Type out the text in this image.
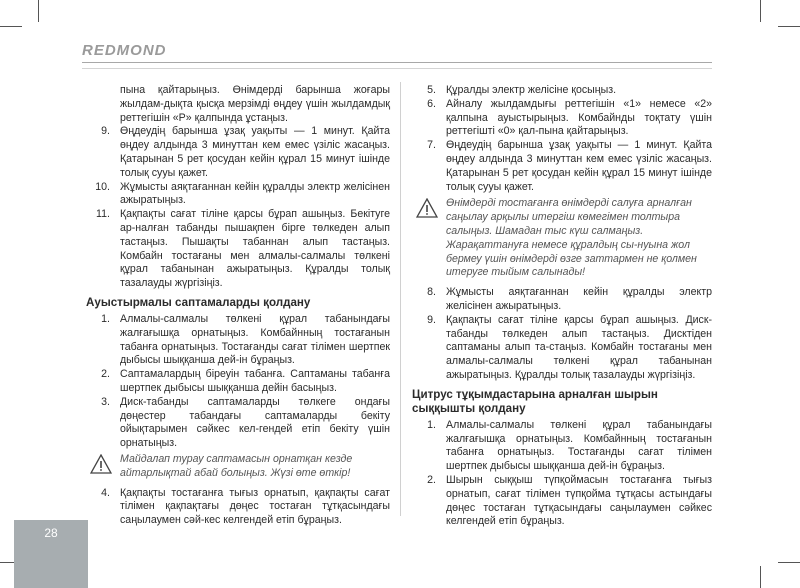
REDMOND
пына қайтарыңыз. Өнімдерді барынша жоғары жылдам-дықта қысқа мерзімді өңдеу үшін жылдамдық реттегішін «P» қалпында ұстаңыз.
9. Өңдеудің барынша ұзақ уақыты — 1 минут. Қайта өңдеу алдында 3 минуттан кем емес үзіліс жасаңыз. Қатарынан 5 рет қосудан кейін құрал 15 минут ішінде толық сууы қажет.
10. Жұмысты аяқтағаннан кейін құралды электр желісінен ажыратыңыз.
11. Қақпақты сағат тіліне қарсы бұрап ашыңыз. Бекітуге ар-налған табанды пышақпен бірге төлкеден алып тастаңыз. Пышақты табаннан алып тастаңыз. Комбайн тостағаны мен алмалы-салмалы төлкені құрал табанынан ажыратыңыз. Құралды толық тазалауды жүргізіңіз.
Ауыстырмалы саптамаларды қолдану
1. Алмалы-салмалы төлкені құрал табанындағы жалғағышқа орнатыңыз. Комбайнның тостағанын табанға орнатыңыз. Тостағанды сағат тілімен шертпек дыбысы шыққанша дей-ін бұраңыз.
2. Саптамалардың біреуін табанға. Саптаманы табанға шертпек дыбысы шыққанша дейін басыңыз.
3. Диск-табанды саптамаларды төлкеге ондағы дөңестер табандағы саптамаларды бекіту ойықтарымен сәйкес кел-гендей етіп бекіту үшін орнатыңыз.
Майдалап турау саптамасын орнатқан кезде айтарлықтай абай болыңыз. Жүзі өте өткір!
4. Қақпақты тостағанға тығыз орнатып, қақпақты сағат тілімен қақпақтағы дөңес тостаған тұтқасындағы саңылаумен сәй-кес келгендей етіп бұраңыз.
5. Құралды электр желісіне қосыңыз.
6. Айналу жылдамдығы реттегішін «1» немесе «2» қалпына ауыстырыңыз. Комбайнды тоқтату үшін реттегішті «0» қал-пына қайтарыңыз.
7. Өңдеудің барынша ұзақ уақыты — 1 минут. Қайта өңдеу алдында 3 минуттан кем емес үзіліс жасаңыз. Қатарынан 5 рет қосудан кейін құрал 15 минут ішінде толық сууы қажет.
Өнімдерді тостағанға өнімдерді салуға арналған саңылау арқылы итергіш көмегімен толтыра салыңыз. Шамадан тыс күш салмаңыз. Жарақаттануға немесе құралдың сы-нуына жол бермеу үшін өнімдерді өзге заттармен не қолмен итеруге тыйым салынады!
8. Жұмысты аяқтағаннан кейін құралды электр желісінен ажыратыңыз.
9. Қақпақты сағат тіліне қарсы бұрап ашыңыз. Диск-табанды төлкеден алып тастаңыз. Дисктіден саптаманы алып та-стаңыз. Комбайн тостағаны мен алмалы-салмалы төлкені құрал табанынан ажыратыңыз. Құралды толық тазалауды жүргізіңіз.
Цитрус тұқымдастарына арналған шырын сыққышты қолдану
1. Алмалы-салмалы төлкені құрал табанындағы жалғағышқа орнатыңыз. Комбайнның тостағанын табанға орнатыңыз. Тостағанды сағат тілімен шертпек дыбысы шыққанша дей-ін бұраңыз.
2. Шырын сыққыш түпқоймасын тостағанға тығыз орнатып, сағат тілімен түпқойма тұтқасы астындағы дөңес тостаған тұтқасындағы саңылаумен сәйкес келгендей етіп бұраңыз.
28
